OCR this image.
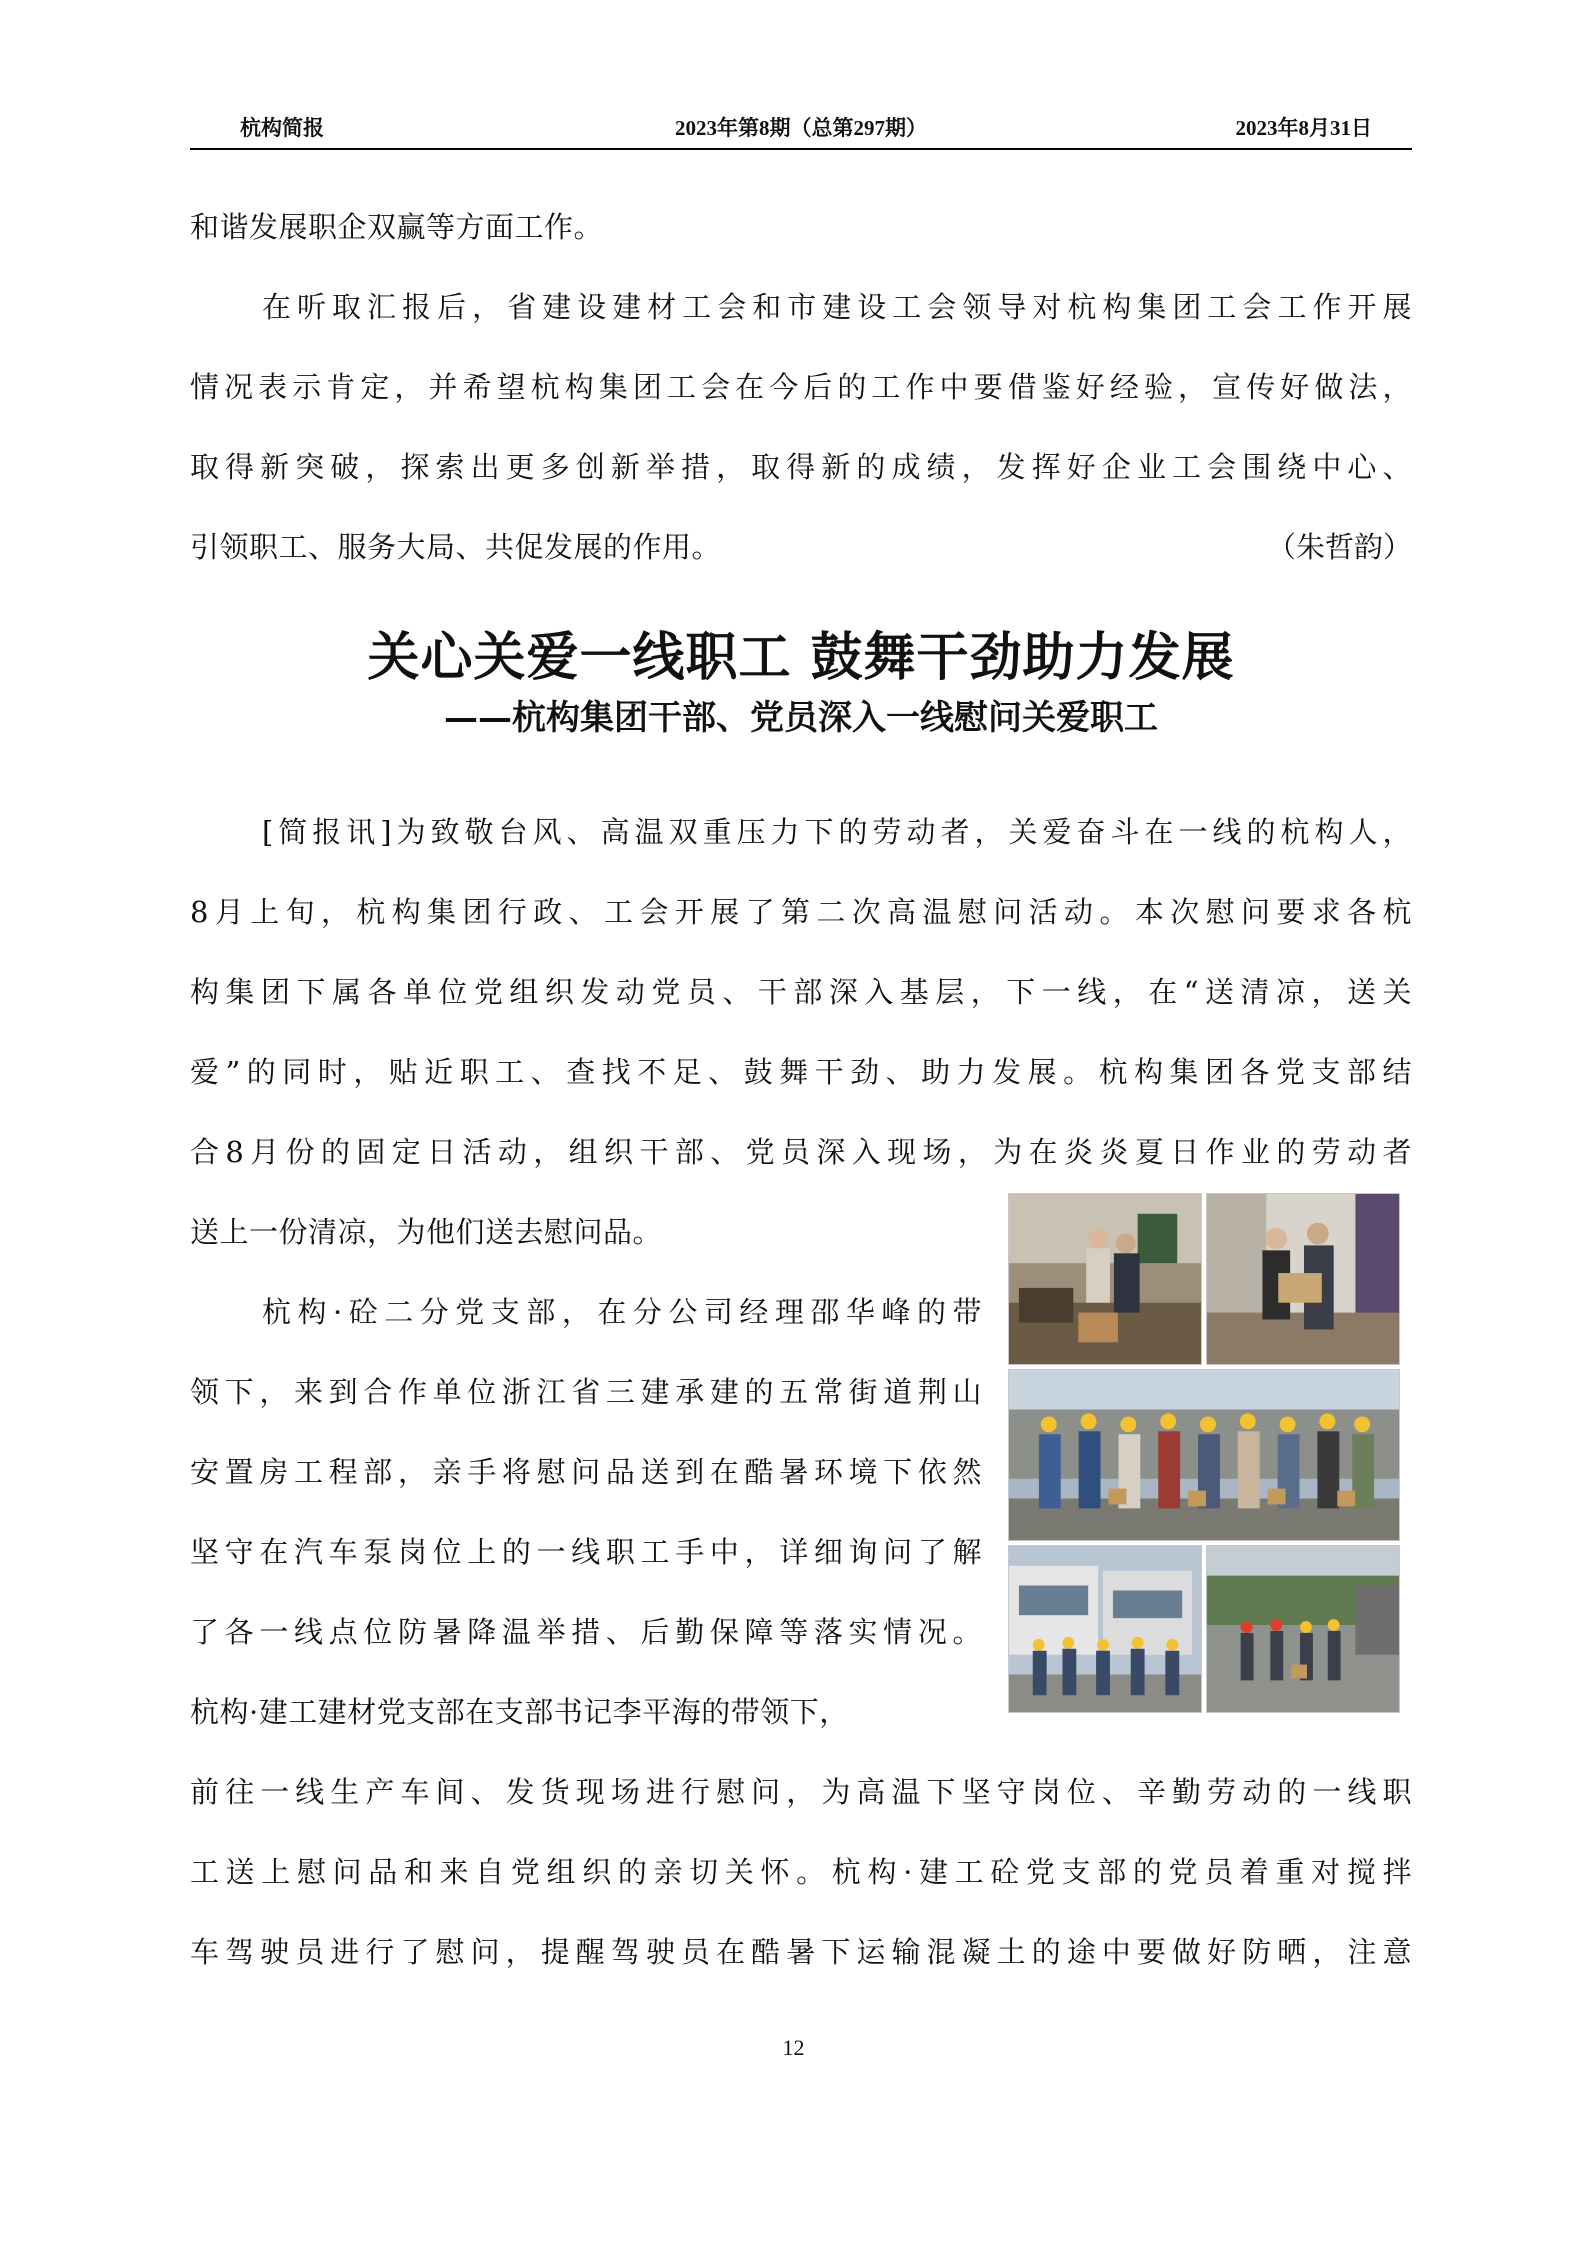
杭构简报	2023年第8期（总第297期）	2023年8月31日
和谐发展职企双赢等方面工作。
在听取汇报后，省建设建材工会和市建设工会领导对杭构集团工会工作开展
情况表示肯定，并希望杭构集团工会在今后的工作中要借鉴好经验，宣传好做法，
取得新突破，探索出更多创新举措，取得新的成绩，发挥好企业工会围绕中心、
引领职工、服务大局、共促发展的作用。	（朱哲韵）
关心关爱一线职工 鼓舞干劲助力发展
——杭构集团干部、党员深入一线慰问关爱职工
[简报讯]为致敬台风、高温双重压力下的劳动者，关爱奋斗在一线的杭构人，
8月上旬，杭构集团行政、工会开展了第二次高温慰问活动。本次慰问要求各杭
构集团下属各单位党组织发动党员、干部深入基层，下一线，在“送清凉，送关
爱”的同时，贴近职工、查找不足、鼓舞干劲、助力发展。杭构集团各党支部结
合8月份的固定日活动，组织干部、党员深入现场，为在炎炎夏日作业的劳动者
送上一份清凉，为他们送去慰问品。
杭构·砼二分党支部，在分公司经理邵华峰的带
领下，来到合作单位浙江省三建承建的五常街道荆山
安置房工程部，亲手将慰问品送到在酷暑环境下依然
坚守在汽车泵岗位上的一线职工手中，详细询问了解
了各一线点位防暑降温举措、后勤保障等落实情况。
杭构·建工建材党支部在支部书记李平海的带领下，
前往一线生产车间、发货现场进行慰问，为高温下坚守岗位、辛勤劳动的一线职
工送上慰问品和来自党组织的亲切关怀。杭构·建工砼党支部的党员着重对搅拌
车驾驶员进行了慰问，提醒驾驶员在酷暑下运输混凝土的途中要做好防晒，注意
12
